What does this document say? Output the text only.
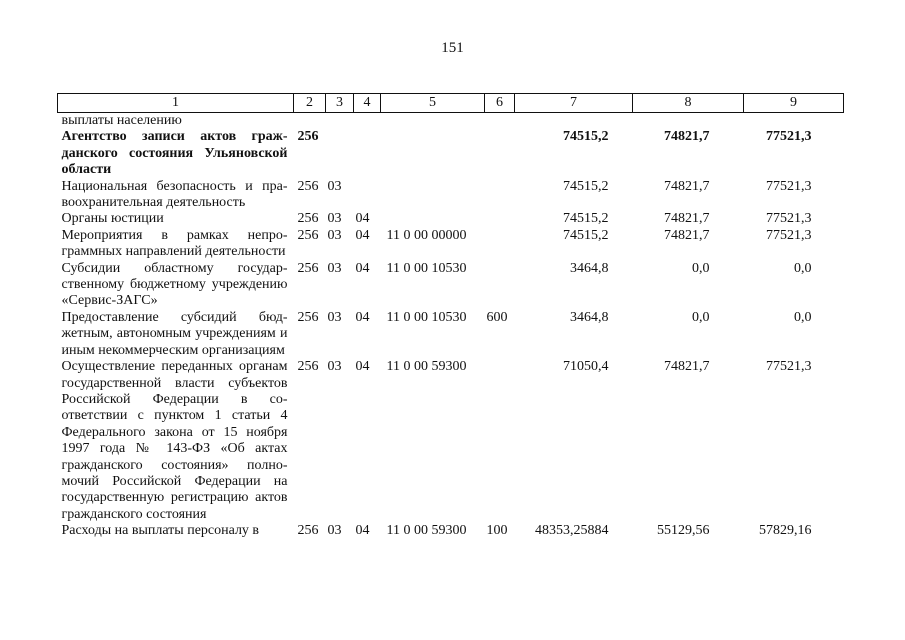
151
1	2	3	4	5	6	7	8	9
выплаты населению								
Агентство записи актов гражданского состояния Ульяновской области	256					74515,2	74821,7	77521,3
Национальная безопасность и правоохранительная деятельность	256	03				74515,2	74821,7	77521,3
Органы юстиции	256	03	04			74515,2	74821,7	77521,3
Мероприятия в рамках непрограммных направлений деятельности	256	03	04	11 0 00 00000		74515,2	74821,7	77521,3
Субсидии областному государственному бюджетному учреждению «Сервис-ЗАГС»	256	03	04	11 0 00 10530		3464,8	0,0	0,0
Предоставление субсидий бюджетным, автономным учреждениям и иным некоммерческим организациям	256	03	04	11 0 00 10530	600	3464,8	0,0	0,0
Осуществление переданных органам государственной власти субъектов Российской Федерации в соответствии с пунктом 1 статьи 4 Федерального закона от 15 ноября 1997 года № 143-ФЗ «Об актах гражданского состояния» полномочий Российской Федерации на государственную регистрацию актов гражданского состояния	256	03	04	11 0 00 59300		71050,4	74821,7	77521,3
Расходы на выплаты персоналу в	256	03	04	11 0 00 59300	100	48353,25884	55129,56	57829,16
